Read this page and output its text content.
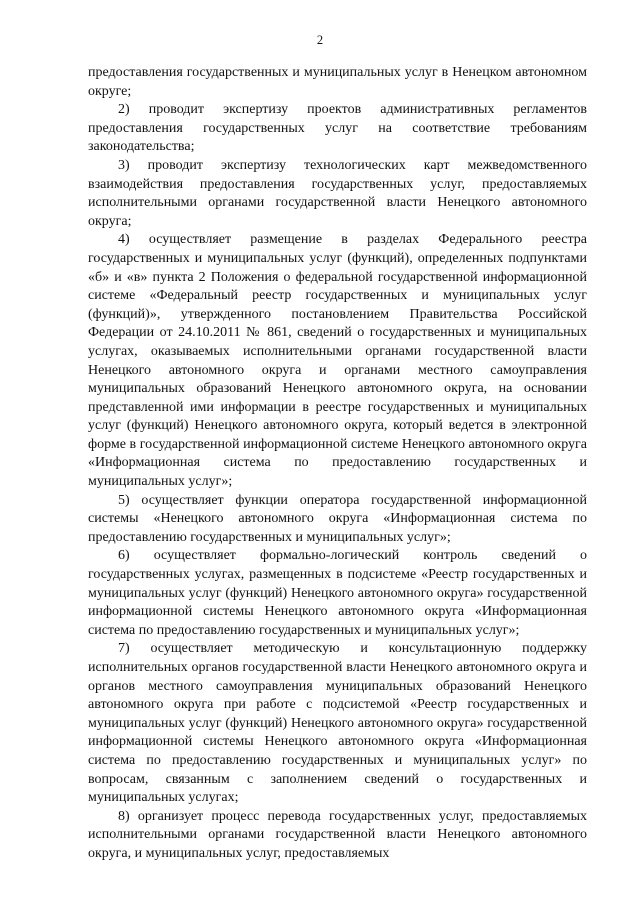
2

предоставления государственных и муниципальных услуг в Ненецком автономном округе;

2) проводит экспертизу проектов административных регламентов предоставления государственных услуг на соответствие требованиям законодательства;

3) проводит экспертизу технологических карт межведомственного взаимодействия предоставления государственных услуг, предоставляемых исполнительными органами государственной власти Ненецкого автономного округа;

4) осуществляет размещение в разделах Федерального реестра государственных и муниципальных услуг (функций), определенных подпунктами «б» и «в» пункта 2 Положения о федеральной государственной информационной системе «Федеральный реестр государственных и муниципальных услуг (функций)», утвержденного постановлением Правительства Российской Федерации от 24.10.2011 № 861, сведений о государственных и муниципальных услугах, оказываемых исполнительными органами государственной власти Ненецкого автономного округа и органами местного самоуправления муниципальных образований Ненецкого автономного округа, на основании представленной ими информации в реестре государственных и муниципальных услуг (функций) Ненецкого автономного округа, который ведется в электронной форме в государственной информационной системе Ненецкого автономного округа «Информационная система по предоставлению государственных и муниципальных услуг»;

5) осуществляет функции оператора государственной информационной системы «Ненецкого автономного округа «Информационная система по предоставлению государственных и муниципальных услуг»;

6) осуществляет формально-логический контроль сведений о государственных услугах, размещенных в подсистеме «Реестр государственных и муниципальных услуг (функций) Ненецкого автономного округа» государственной информационной системы Ненецкого автономного округа «Информационная система по предоставлению государственных и муниципальных услуг»;

7) осуществляет методическую и консультационную поддержку исполнительных органов государственной власти Ненецкого автономного округа и органов местного самоуправления муниципальных образований Ненецкого автономного округа при работе с подсистемой «Реестр государственных и муниципальных услуг (функций) Ненецкого автономного округа» государственной информационной системы Ненецкого автономного округа «Информационная система по предоставлению государственных и муниципальных услуг» по вопросам, связанным с заполнением сведений о государственных и муниципальных услугах;

8) организует процесс перевода государственных услуг, предоставляемых исполнительными органами государственной власти Ненецкого автономного округа, и муниципальных услуг, предоставляемых
